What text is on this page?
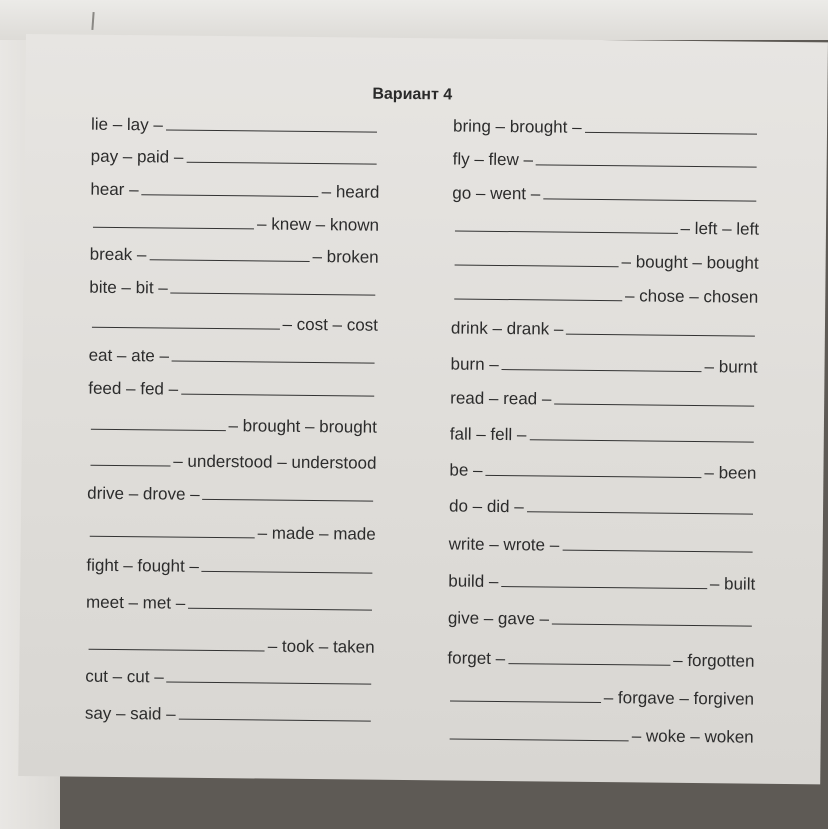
Вариант 4
lie – lay –
pay – paid –
hear –	– heard
– knew – known
break –	– broken
bite – bit –
– cost – cost
eat – ate –
feed – fed –
– brought – brought
– understood – understood
drive – drove –
– made – made
fight – fought –
meet – met –
– took – taken
cut – cut –
say – said –
bring – brought –
fly – flew –
go – went –
– left – left
– bought – bought
– chose – chosen
drink – drank –
burn –	– burnt
read – read –
fall – fell –
be –	– been
do – did –
write – wrote –
build –	– built
give – gave –
forget –	– forgotten
– forgave – forgiven
– woke – woken
